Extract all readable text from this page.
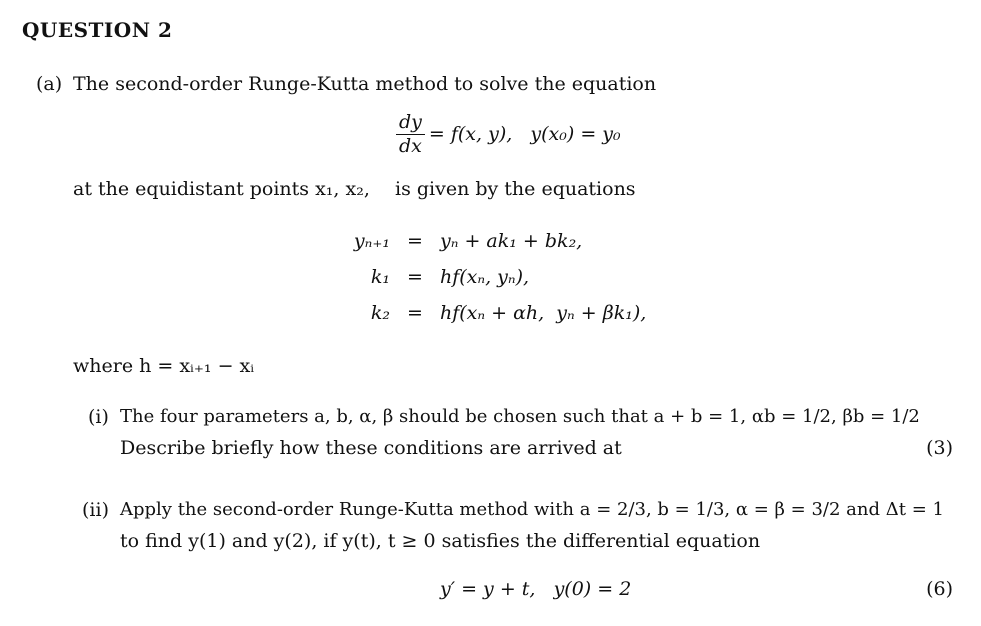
QUESTION 2
(a) The second-order Runge-Kutta method to solve the equation
$\frac{dy}{dx} = f(x$, y),   y(x₀) = y₀
at the equidistant points x₁, x₂, is given by the equations
yₙ₊₁ = yₙ + ak₁ + bk₂,
k₁ = hf(xₙ, yₙ),
k₂ = hf(xₙ + αh,  yₙ + βk₁),
where h = xᵢ₊₁ − xᵢ
(i) The four parameters a, b, α, β should be chosen such that a + b = 1, αb = 1/2, βb = 1/2
Describe briefly how these conditions are arrived at	(3)
(ii) Apply the second-order Runge-Kutta method with a = 2/3, b = 1/3, α = β = 3/2 and Δt = 1
to find y(1) and y(2), if y(t), t ≥ 0 satisfies the differential equation
y′ = y + t,   y(0) = 2	(6)
